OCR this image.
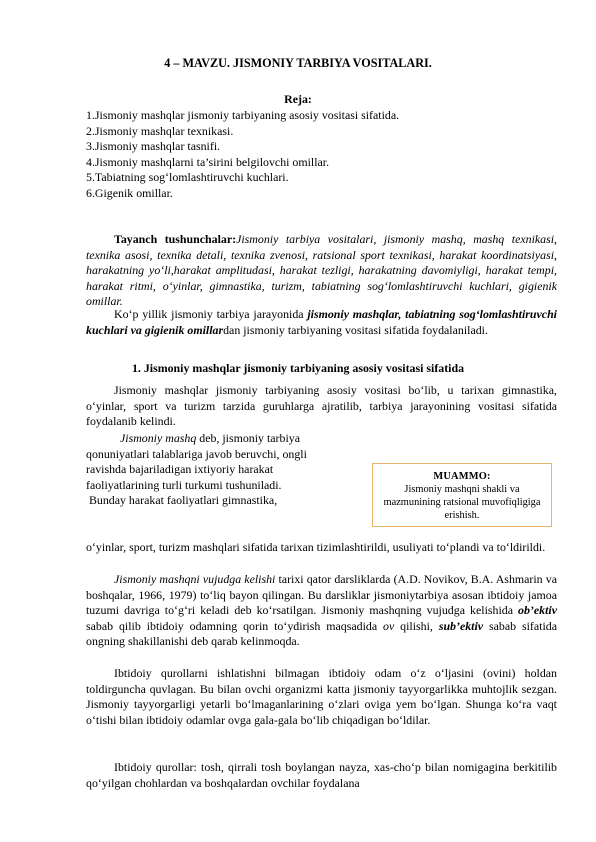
4 – MAVZU. JISMONIY TARBIYA VOSITALARI.

Reja:

1.Jismoniy mashqlar jismoniy tarbiyaning asosiy vositasi sifatida.
2.Jismoniy mashqlar texnikasi.
3.Jismoniy mashqlar tasnifi.
4.Jismoniy mashqlarni ta’sirini belgilovchi omillar.
5.Tabiatning sog‘lomlashtiruvchi kuchlari.
6.Gigenik omillar.

Tayanch tushunchalar:Jismoniy tarbiya vositalari, jismoniy mashq, mashq texnikasi, texnika asosi, texnika detali, texnika zvenosi, ratsional sport texnikasi, harakat koordinatsiyasi, harakatning yo‘li,harakat amplitudasi, harakat tezligi, harakatning davomiyligi, harakat tempi, harakat ritmi, o‘yinlar, gimnastika, turizm, tabiatning sog‘lomlashtiruvchi kuchlari, gigienik omillar.

Ko‘p yillik jismoniy tarbiya jarayonida jismoniy mashqlar, tabiatning sog‘lomlashtiruvchi kuchlari va gigienik omillardan jismoniy tarbiyaning vositasi sifatida foydalaniladi.

1. Jismoniy mashqlar jismoniy tarbiyaning asosiy vositasi sifatida

Jismoniy mashqlar jismoniy tarbiyaning asosiy vositasi bo‘lib, u tarixan gimnastika, o‘yinlar, sport va turizm tarzida guruhlarga ajratilib, tarbiya jarayonining vositasi sifatida foydalanib kelindi.

Jismoniy mashq deb, jismoniy tarbiya
qonuniyatlari talablariga javob beruvchi, ongli
ravishda bajariladigan ixtiyoriy harakat
faoliyatlarining turli turkumi tushuniladi.
Bunday harakat faoliyatlari gimnastika,
MUAMMO:
Jismoniy mashqni shakli va mazmunining ratsional muvofiqligiga erishish.

o‘yinlar, sport, turizm mashqlari sifatida tarixan tizimlashtirildi, usuliyati to‘plandi va to‘ldirildi.

Jismoniy mashqni vujudga kelishi tarixi qator darsliklarda (A.D. Novikov, B.A. Ashmarin va boshqalar, 1966, 1979) to‘liq bayon qilingan. Bu darsliklar jismoniytarbiya asosan ibtidoiy jamoa tuzumi davriga to‘g‘ri keladi deb ko‘rsatilgan. Jismoniy mashqning vujudga kelishida ob’ektiv sabab qilib ibtidoiy odamning qorin to‘ydirish maqsadida ov qilishi, sub’ektiv sabab sifatida ongning shakillanishi deb qarab kelinmoqda.

Ibtidoiy qurollarni ishlatishni bilmagan ibtidoiy odam o‘z o‘ljasini (ovini) holdan toldirguncha quvlagan. Bu bilan ovchi organizmi katta jismoniy tayyorgarlikka muhtojlik sezgan. Jismoniy tayyorgarligi yetarli bo‘lmaganlarining o‘zlari oviga yem bo‘lgan. Shunga ko‘ra vaqt o‘tishi bilan ibtidoiy odamlar ovga gala-gala bo‘lib chiqadigan bo‘ldilar.

Ibtidoiy qurollar: tosh, qirrali tosh boylangan nayza, xas-cho‘p bilan nomigagina berkitilib qo‘yilgan chohlardan va boshqalardan ovchilar foydalana
